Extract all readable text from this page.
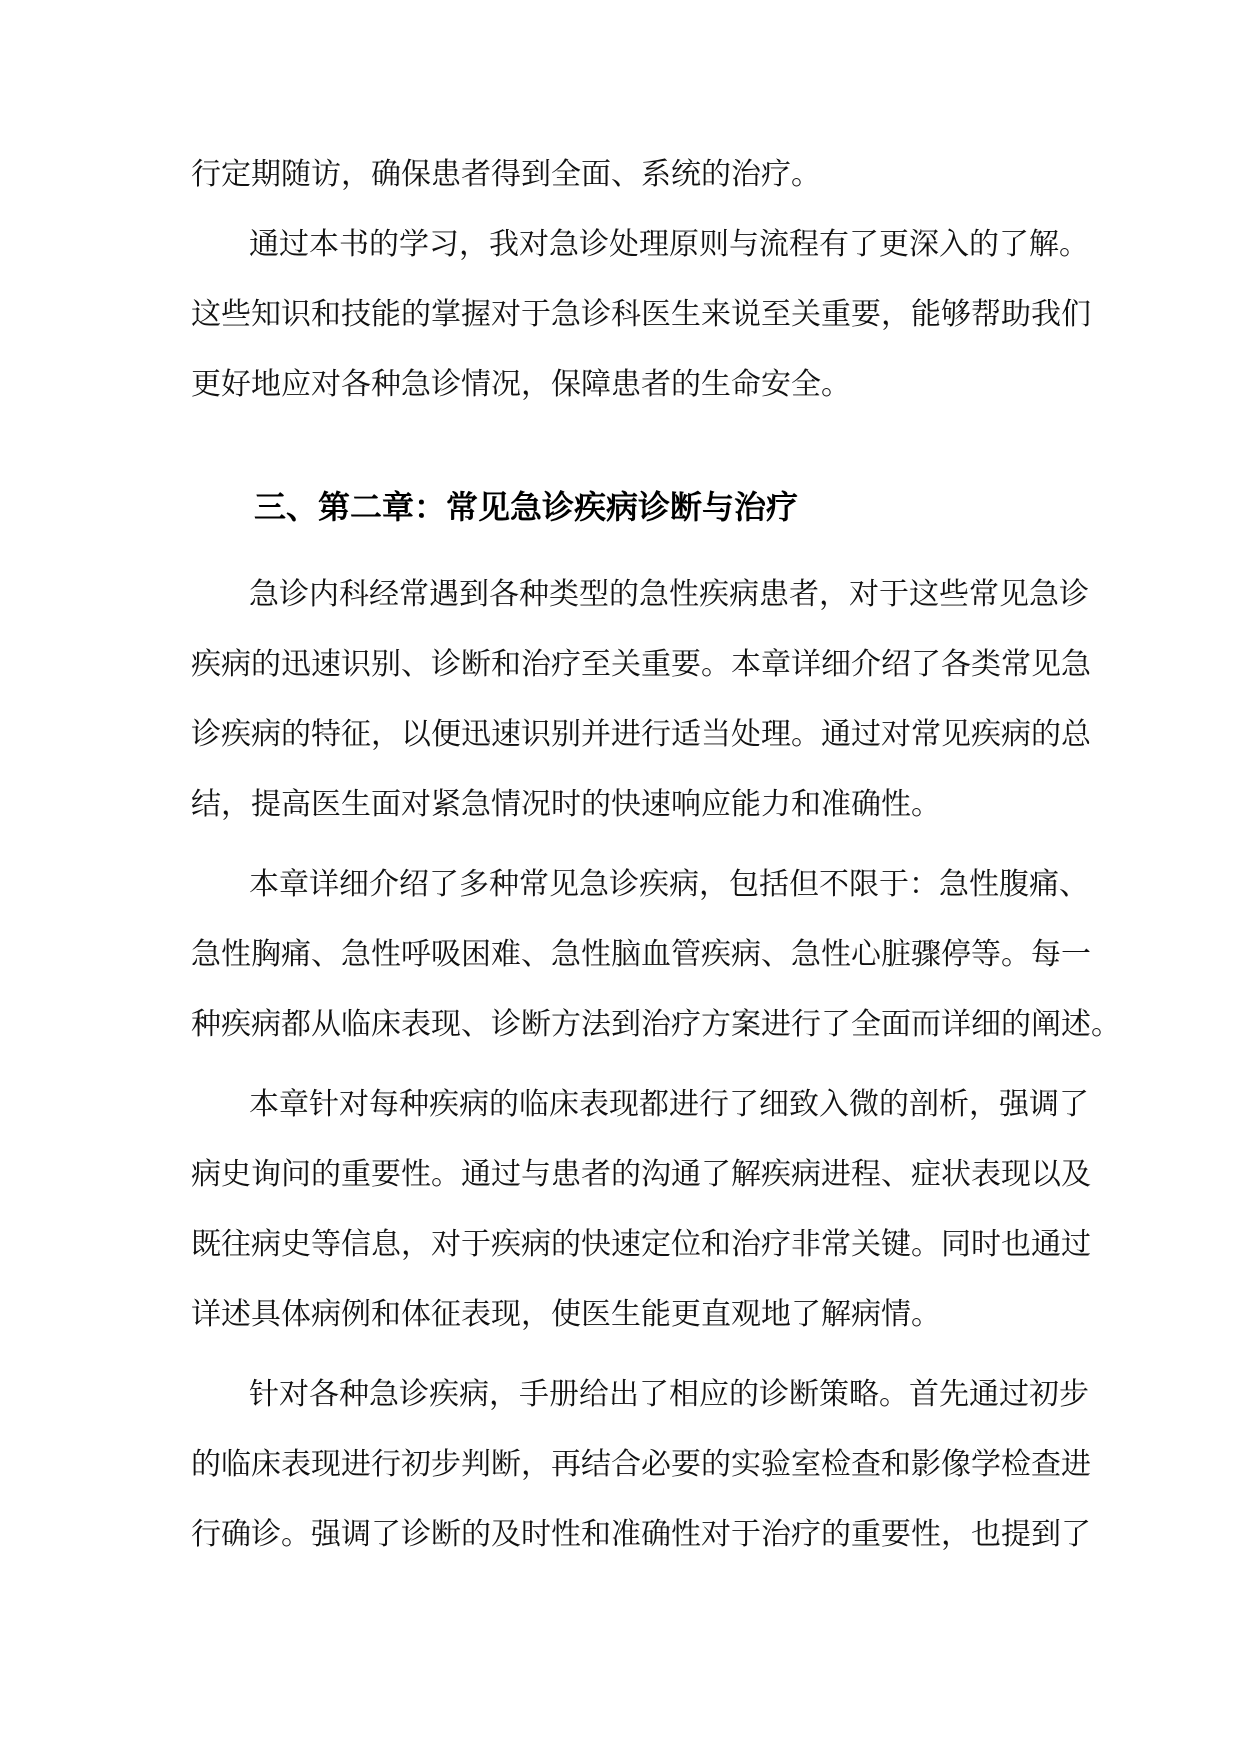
行定期随访，确保患者得到全面、系统的治疗。
通过本书的学习，我对急诊处理原则与流程有了更深入的了解。
这些知识和技能的掌握对于急诊科医生来说至关重要，能够帮助我们
更好地应对各种急诊情况，保障患者的生命安全。
三、第二章：常见急诊疾病诊断与治疗
急诊内科经常遇到各种类型的急性疾病患者，对于这些常见急诊
疾病的迅速识别、诊断和治疗至关重要。本章详细介绍了各类常见急
诊疾病的特征，以便迅速识别并进行适当处理。通过对常见疾病的总
结，提高医生面对紧急情况时的快速响应能力和准确性。
本章详细介绍了多种常见急诊疾病，包括但不限于：急性腹痛、
急性胸痛、急性呼吸困难、急性脑血管疾病、急性心脏骤停等。每一
种疾病都从临床表现、诊断方法到治疗方案进行了全面而详细的阐述。
本章针对每种疾病的临床表现都进行了细致入微的剖析，强调了
病史询问的重要性。通过与患者的沟通了解疾病进程、症状表现以及
既往病史等信息，对于疾病的快速定位和治疗非常关键。同时也通过
详述具体病例和体征表现，使医生能更直观地了解病情。
针对各种急诊疾病，手册给出了相应的诊断策略。首先通过初步
的临床表现进行初步判断，再结合必要的实验室检查和影像学检查进
行确诊。强调了诊断的及时性和准确性对于治疗的重要性，也提到了
